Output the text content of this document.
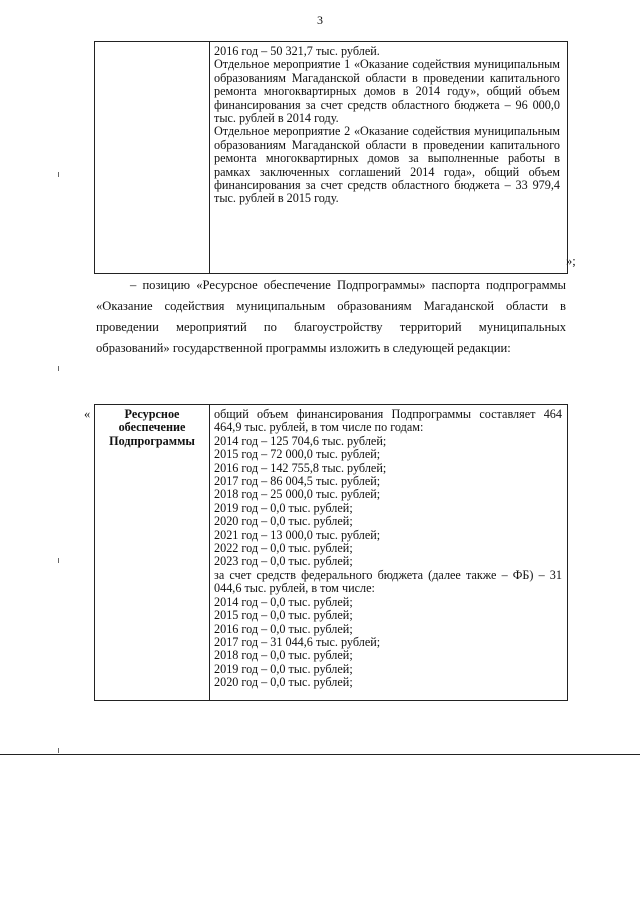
3

2016 год – 50 321,7 тыс. рублей.

Отдельное мероприятие 1 «Оказание содействия муниципальным образованиям Магаданской области в проведении капитального ремонта многоквартирных домов в 2014 году», общий объем финансирования за счет средств областного бюджета – 96 000,0 тыс. рублей в 2014 году.

Отдельное мероприятие 2 «Оказание содействия муниципальным образованиям Магаданской области в проведении капитального ремонта многоквартирных домов за выполненные работы в рамках заключенных соглашений 2014 года», общий объем финансирования за счет средств областного бюджета – 33 979,4 тыс. рублей в 2015 году.

»;

– позицию «Ресурсное обеспечение Подпрограммы» паспорта подпрограммы «Оказание содействия муниципальным образованиям Магаданской области в проведении мероприятий по благоустройству территорий муниципальных образований» государственной программы изложить в следующей редакции:

«	Ресурсное
обеспечение
Подпрограммы

общий объем финансирования Подпрограммы составляет 464 464,9 тыс. рублей, в том числе по годам:

2014 год – 125 704,6 тыс. рублей;
2015 год – 72 000,0 тыс. рублей;
2016 год – 142 755,8 тыс. рублей;
2017 год – 86 004,5 тыс. рублей;
2018 год – 25 000,0 тыс. рублей;
2019 год – 0,0 тыс. рублей;
2020 год – 0,0 тыс. рублей;
2021 год – 13 000,0 тыс. рублей;
2022 год – 0,0 тыс. рублей;
2023 год – 0,0 тыс. рублей;

за счет средств федерального бюджета (далее также – ФБ) – 31 044,6 тыс. рублей, в том числе:

2014 год – 0,0 тыс. рублей;
2015 год – 0,0 тыс. рублей;
2016 год – 0,0 тыс. рублей;
2017 год – 31 044,6 тыс. рублей;
2018 год – 0,0 тыс. рублей;
2019 год – 0,0 тыс. рублей;
2020 год – 0,0 тыс. рублей;
